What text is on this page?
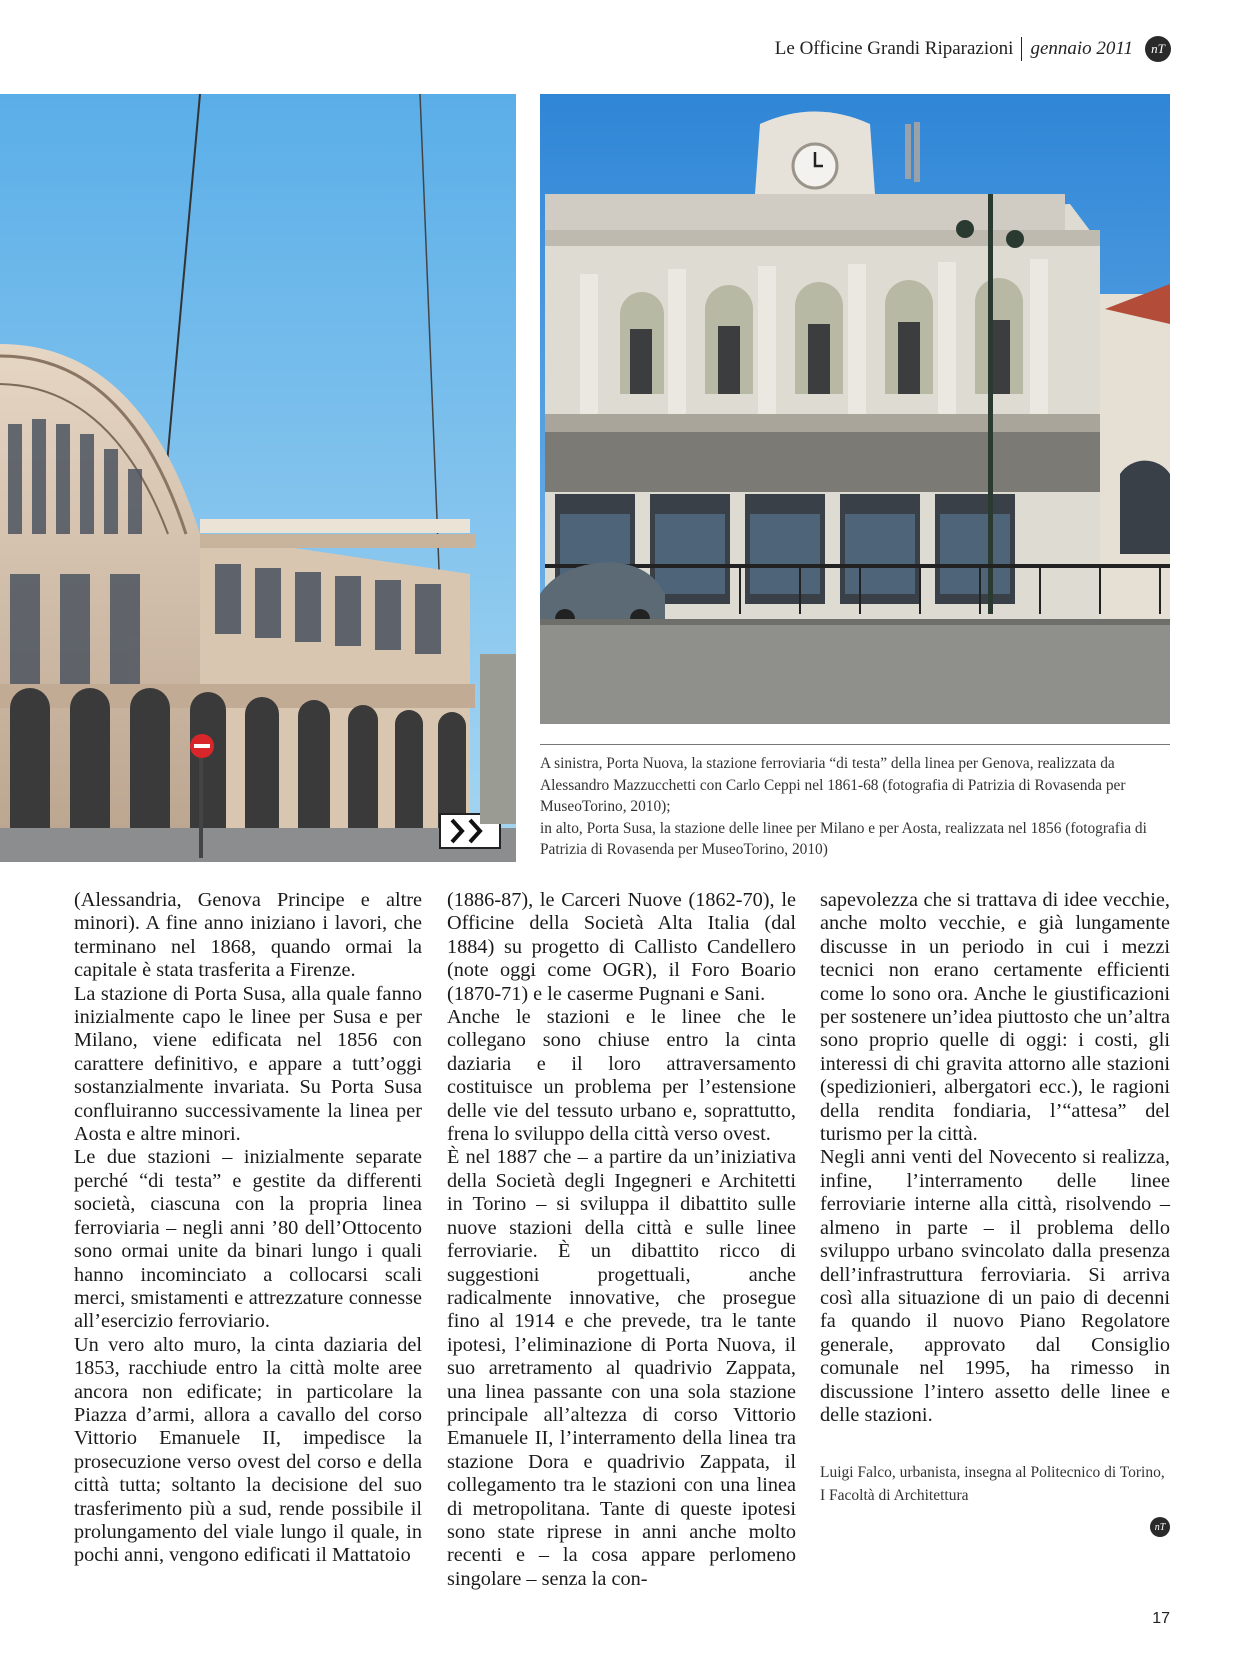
Le Officine Grandi Riparazioni gennaio 2011	nT

A sinistra, Porta Nuova, la stazione ferroviaria “di testa” della linea per Genova, realizzata da Alessandro Mazzucchetti con Carlo Ceppi nel 1861-68 (fotografia di Patrizia di Rovasenda per MuseoTorino, 2010);

in alto, Porta Susa, la stazione delle linee per Milano e per Aosta, realizzata nel 1856 (fotografia di Patrizia di Rovasenda per MuseoTorino, 2010)

(Alessandria, Genova Principe e altre minori). A fine anno iniziano i lavori, che terminano nel 1868, quando ormai la capitale è stata trasferita a Firenze.

La stazione di Porta Susa, alla quale fanno inizialmente capo le linee per Susa e per Milano, viene edificata nel 1856 con carattere definitivo, e appare a tutt’oggi sostanzialmente invariata. Su Porta Susa confluiranno successivamente la linea per Aosta e altre minori.

Le due stazioni – inizialmente separate perché “di testa” e gestite da differenti società, ciascuna con la propria linea ferroviaria – negli anni ’80 dell’Ottocento sono ormai unite da binari lungo i quali hanno incominciato a collocarsi scali merci, smistamenti e attrezzature connesse all’esercizio ferroviario.

Un vero alto muro, la cinta daziaria del 1853, racchiude entro la città molte aree ancora non edificate; in particolare la Piazza d’armi, allora a cavallo del corso Vittorio Emanuele II, impedisce la prosecuzione verso ovest del corso e della città tutta; soltanto la decisione del suo trasferimento più a sud, rende possibile il prolungamento del viale lungo il quale, in pochi anni, vengono edificati il Mattatoio

(1886-87), le Carceri Nuove (1862-70), le Officine della Società Alta Italia (dal 1884) su progetto di Callisto Candellero (note oggi come OGR), il Foro Boario (1870-71) e le caserme Pugnani e Sani.

Anche le stazioni e le linee che le collegano sono chiuse entro la cinta daziaria e il loro attraversamento costituisce un problema per l’estensione delle vie del tessuto urbano e, soprattutto, frena lo sviluppo della città verso ovest.

È nel 1887 che – a partire da un’iniziativa della Società degli Ingegneri e Architetti in Torino – si sviluppa il dibattito sulle nuove stazioni della città e sulle linee ferroviarie. È un dibattito ricco di suggestioni progettuali, anche radicalmente innovative, che prosegue fino al 1914 e che prevede, tra le tante ipotesi, l’eliminazione di Porta Nuova, il suo arretramento al quadrivio Zappata, una linea passante con una sola stazione principale all’altezza di corso Vittorio Emanuele II, l’interramento della linea tra stazione Dora e quadrivio Zappata, il collegamento tra le stazioni con una linea di metropolitana. Tante di queste ipotesi sono state riprese in anni anche molto recenti e – la cosa appare perlomeno singolare – senza la con-

sapevolezza che si trattava di idee vecchie, anche molto vecchie, e già lungamente discusse in un periodo in cui i mezzi tecnici non erano certamente efficienti come lo sono ora. Anche le giustificazioni per sostenere un’idea piuttosto che un’altra sono proprio quelle di oggi: i costi, gli interessi di chi gravita attorno alle stazioni (spedizionieri, albergatori ecc.), le ragioni della rendita fondiaria, l’“attesa” del turismo per la città.

Negli anni venti del Novecento si realizza, infine, l’interramento delle linee ferroviarie interne alla città, risolvendo – almeno in parte – il problema dello sviluppo urbano svincolato dalla presenza dell’infrastruttura ferroviaria. Si arriva così alla situazione di un paio di decenni fa quando il nuovo Piano Regolatore generale, approvato dal Consiglio comunale nel 1995, ha rimesso in discussione l’intero assetto delle linee e delle stazioni.

Luigi Falco, urbanista, insegna al Politecnico di Torino, I Facoltà di Architettura

nT
17
